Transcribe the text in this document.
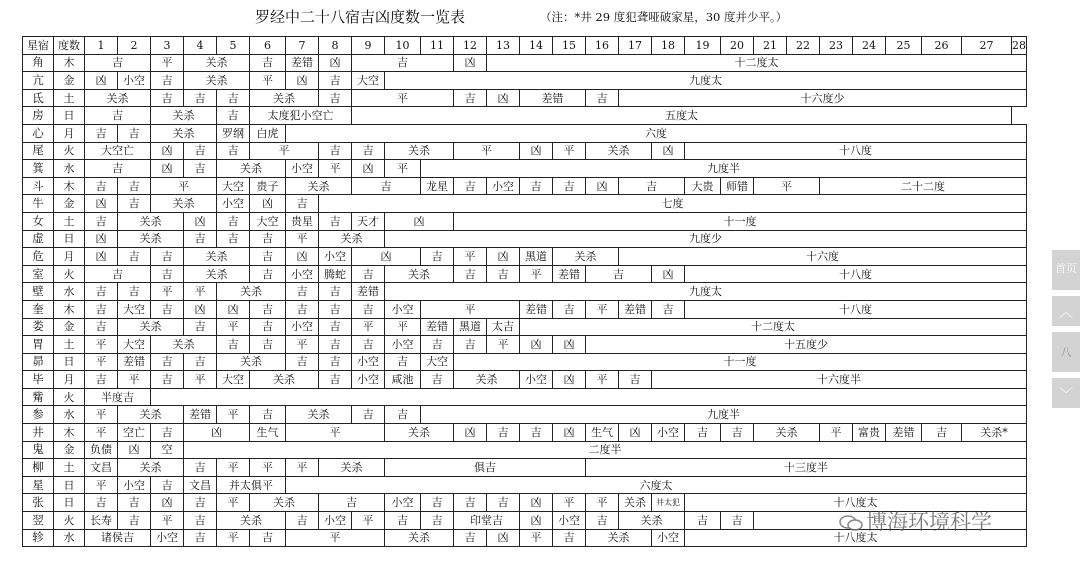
罗经中二十八宿吉凶度数一览表	（注：*井 29 度犯聋哑破家星，30 度并少平。）
星宿	度数	1	2	3	4	5	6	7	8	9	10	11	12	13	14	15	16	17	18	19	20	21	22	23	24	25	26	27	28
角	木	吉		平	关杀		吉	差错	凶	吉			凶	十二度太															
亢	金	凶	小空	吉	关杀		平	凶	吉	大空	九度太																		
氐	土	关杀		吉	吉	吉	关杀		吉	平			吉	凶	差错		吉	十六度少											
房	日	吉		关杀		吉	太度犯小空亡			五度太																			
心	月	吉	吉	关杀		罗纲	白虎	六度																					
尾	火	大空亡		凶	吉	吉	平		吉	吉	关杀		平		凶	平	关杀		凶	十八度									
箕	水	吉		凶	吉	关杀		小空	平	凶	平	九度半																	
斗	木	吉	吉	平		大空	贵子	关杀		吉		龙星	吉	小空	吉	吉	凶	吉		大贵	师错	平		二十二度					
牛	金	凶	吉	关杀		小空	凶	吉	七度																				
女	土	吉	关杀		凶	吉	大空	贵星	吉	天才	凶		十一度																
虚	日	凶	关杀		吉	吉	吉	平	关杀		九度少																		
危	月	凶	吉	吉	关杀		吉	凶	小空	凶		吉	平	凶	黑道	关杀		十六度											
室	火	吉		吉	关杀		吉	小空	腾蛇	吉	关杀		吉	吉	平	差错	吉		凶	十八度									
壁	水	吉	吉	平	平	关杀		吉	吉	差错	九度太																		
奎	木	吉	大空	吉	凶	凶	吉	吉	吉	吉	小空	平			差错	吉	平	差错	吉	十八度									
娄	金	吉	关杀		吉	平	吉	小空	吉	平	平	差错	黑道	太吉	十二度太														
胃	土	平	大空	关杀		吉	吉	平	吉	吉	小空	吉	吉	平	凶	凶	十五度少												
昴	日	平	差错	吉	吉	关杀		吉	吉	小空	吉	大空	十一度																
毕	月	吉	平	吉	平	大空	关杀		吉	小空	咸池	吉	关杀		小空	凶	平	吉	十六度半										
觜	火	半度吉																											
参	水	平	关杀		差错	平	吉	关杀		吉	吉	九度半																	
井	木	平	空亡	吉	凶		生气	平			关杀		凶	吉	吉	凶	生气	凶	小空	吉	吉	关杀		平	富贵	差错	吉	关杀*	
鬼	金	负债	凶	空	二度半																								
柳	土	文昌	关杀		吉	平	平	平	关杀		俱吉						十三度半												
星	日	平	小空	吉	文昌	并太俱平		六度太																					
张	日	吉	吉	凶	吉	平	关杀		吉		小空	吉	吉	吉	凶	平	平	关杀	井太犯	十八度太									
翌	火	长寿	吉	平	吉	关杀		吉	小空	平	吉	吉	印堂吉		凶	小空	吉	关杀		吉	吉								
轸	水	诸侯吉		小空	吉	平	吉	平			关杀		吉	凶	平	吉	关杀		小空	十八度太									
首页
︿
八
﹀
博海环境科学
